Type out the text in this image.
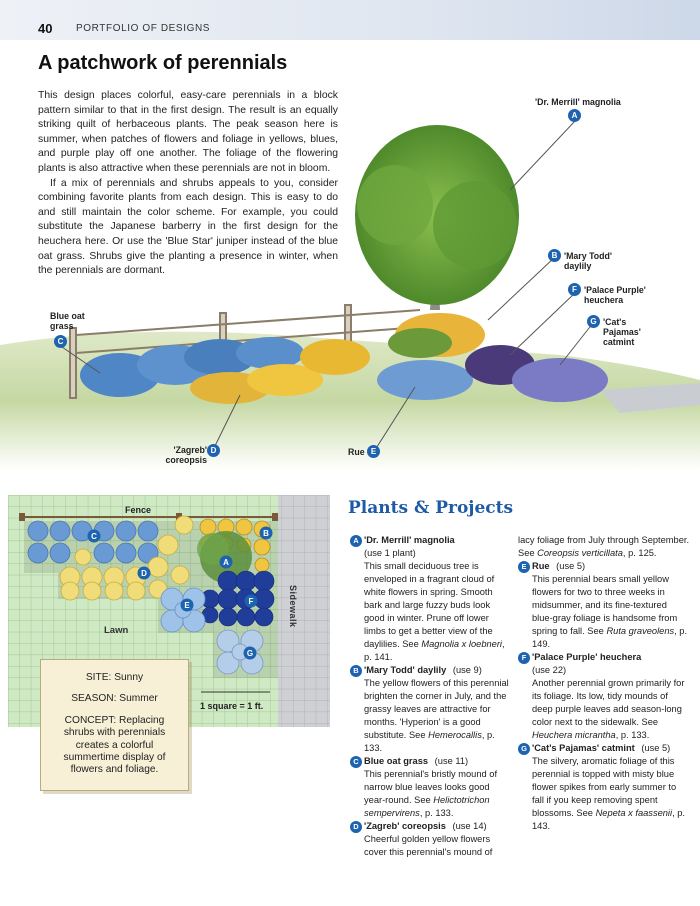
40 PORTFOLIO OF DESIGNS
A patchwork of perennials

This design places colorful, easy-care perennials in a block pattern similar to that in the first design. The result is an equally striking quilt of herbaceous plants. The peak season here is summer, when patches of flowers and foliage in yellows, blues, and purple play off one another. The foliage of the flowering plants is also attractive when these perennials are not in bloom.

If a mix of perennials and shrubs appeals to you, consider combining favorite plants from each design. This is easy to do and still maintain the color scheme. For example, you could substitute the Japanese barberry in the first design for the heuchera here. Or use the 'Blue Star' juniper instead of the blue oat grass. Shrubs give the planting a presence in winter, when the perennials are dormant.

'Dr. Merrill' magnolia
A
B 'Mary Todd' daylily
F 'Palace Purple' heuchera
G 'Cat's Pajamas' catmint
Blue oat grass
C
'Zagreb' coreopsis
D	Rue E
C
D
A
B
E	F
G
Fence
Lawn
Sidewalk
1 square = 1 ft.
SITE: Sunny
SEASON: Summer
CONCEPT: Replacing shrubs with perennials creates a colorful summertime display of flowers and foliage.
Plants & Projects
A 'Dr. Merrill' magnolia

(use 1 plant)

This small deciduous tree is enveloped in a fragrant cloud of white flowers in spring. Smooth bark and large fuzzy buds look good in winter. Prune off lower limbs to get a better view of the daylilies. See Magnolia x loebneri, p. 141.

B 'Mary Todd' daylily
(use 9)

The yellow flowers of this perennial brighten the corner in July, and the grassy leaves are attractive for months. 'Hyperion' is a good substitute. See Hemerocallis, p. 133.

C Blue oat grass
(use 11)

This perennial's bristly mound of narrow blue leaves looks good year-round. See Helictotrichon sempervirens, p. 133.

D 'Zagreb' coreopsis
(use 14)

Cheerful golden yellow flowers cover this perennial's mound of

lacy foliage from July through September. See Coreopsis verticillata, p. 125.

E Rue
(use 5)

This perennial bears small yellow flowers for two to three weeks in midsummer, and its fine-textured blue-gray foliage is handsome from spring to fall. See Ruta graveolens, p. 149.

F 'Palace Purple' heuchera

(use 22)

Another perennial grown primarily for its foliage. Its low, tidy mounds of deep purple leaves add season-long color next to the sidewalk. See Heuchera micrantha, p. 133.

G 'Cat's Pajamas' catmint
(use 5)

The silvery, aromatic foliage of this perennial is topped with misty blue flower spikes from early summer to fall if you keep removing spent blossoms. See Nepeta x faassenii, p. 143.
